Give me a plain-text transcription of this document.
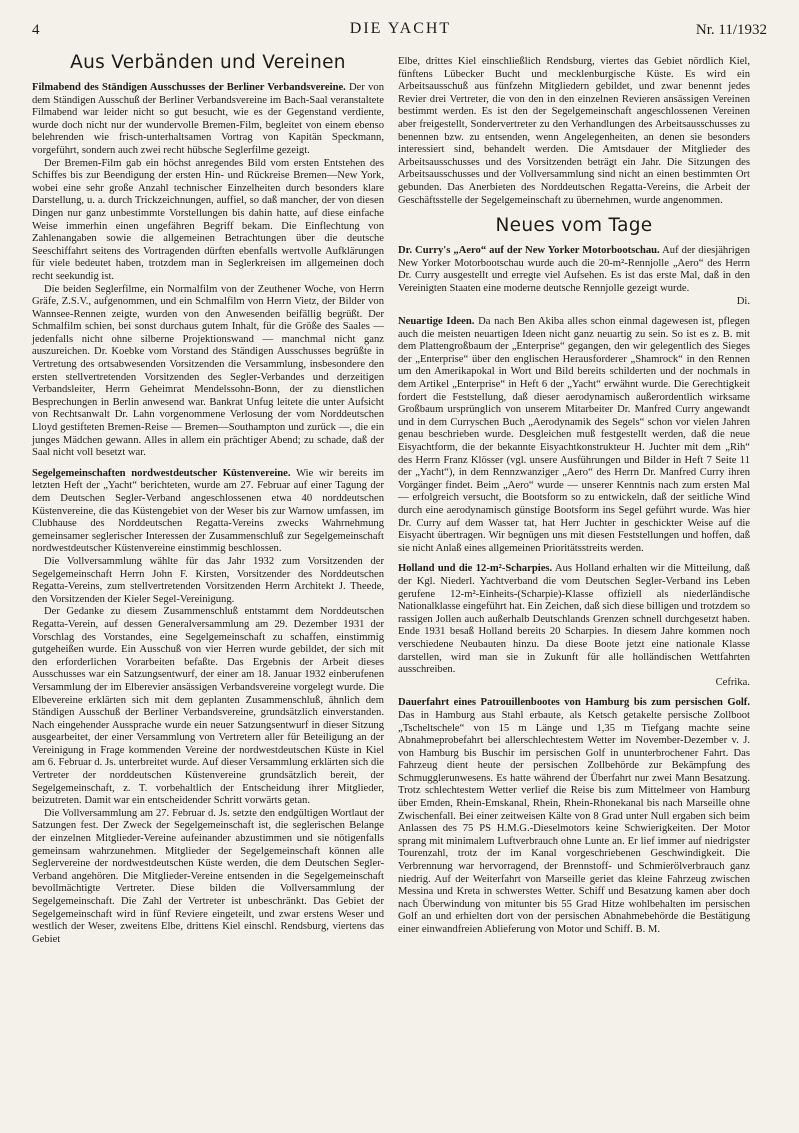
4	DIE YACHT	Nr. 11/1932
Aus Verbänden und Vereinen

Filmabend des Ständigen Ausschusses der Berliner Verbandsvereine. Der von dem Ständigen Ausschuß der Berliner Verbandsvereine im Bach-Saal veranstaltete Filmabend war leider nicht so gut besucht, wie es der Gegenstand verdiente, wurde doch nicht nur der wundervolle Bremen-Film, begleitet von einem ebenso belehrenden wie frisch-unterhaltsamen Vortrag von Kapitän Speckmann, vorgeführt, sondern auch zwei recht hübsche Seglerfilme gezeigt.

Der Bremen-Film gab ein höchst anregendes Bild vom ersten Entstehen des Schiffes bis zur Beendigung der ersten Hin- und Rückreise Bremen—New York, wobei eine sehr große Anzahl technischer Einzelheiten durch besonders klare Darstellung, u. a. durch Trickzeichnungen, auffiel, so daß mancher, der von diesen Dingen nur ganz unbestimmte Vorstellungen bis dahin hatte, auf diese einfache Weise immerhin einen ungefähren Begriff bekam. Die Einflechtung von Zahlenangaben sowie die allgemeinen Betrachtungen über die deutsche Seeschiffahrt seitens des Vortragenden dürften ebenfalls wertvolle Aufklärungen für viele bedeutet haben, trotzdem man in Seglerkreisen im allgemeinen doch recht seekundig ist.

Die beiden Seglerfilme, ein Normalfilm von der Zeuthener Woche, von Herrn Gräfe, Z.S.V., aufgenommen, und ein Schmalfilm von Herrn Vietz, der Bilder von Wannsee-Rennen zeigte, wurden von den Anwesenden beifällig begrüßt. Der Schmalfilm schien, bei sonst durchaus gutem Inhalt, für die Größe des Saales — jedenfalls nicht ohne silberne Projektionswand — manchmal nicht ganz auszureichen. Dr. Koebke vom Vorstand des Ständigen Ausschusses begrüßte in Vertretung des ortsabwesenden Vorsitzenden die Versammlung, insbesondere den ersten stellvertretenden Vorsitzenden des Segler-Verbandes und derzeitigen Verbandsleiter, Herrn Geheimrat Mendelssohn-Bonn, der zu dienstlichen Besprechungen in Berlin anwesend war. Bankrat Unfug leitete die unter Aufsicht von Rechtsanwalt Dr. Lahn vorgenommene Verlosung der vom Norddeutschen Lloyd gestifteten Bremen-Reise — Bremen—Southampton und zurück —, die ein junges Mädchen gewann. Alles in allem ein prächtiger Abend; zu schade, daß der Saal nicht voll besetzt war.

Segelgemeinschaften nordwestdeutscher Küstenvereine. Wie wir bereits im letzten Heft der „Yacht“ berichteten, wurde am 27. Februar auf einer Tagung der dem Deutschen Segler-Verband angeschlossenen etwa 40 norddeutschen Küstenvereine, die das Küstengebiet von der Weser bis zur Warnow umfassen, im Clubhause des Norddeutschen Regatta-Vereins zwecks Wahrnehmung gemeinsamer seglerischer Interessen der Zusammenschluß zur Segelgemeinschaft nordwestdeutscher Küstenvereine einstimmig beschlossen.

Die Vollversammlung wählte für das Jahr 1932 zum Vorsitzenden der Segelgemeinschaft Herrn John F. Kirsten, Vorsitzender des Norddeutschen Regatta-Vereins, zum stellvertretenden Vorsitzenden Herrn Architekt J. Theede, den Vorsitzenden der Kieler Segel-Vereinigung.

Der Gedanke zu diesem Zusammenschluß entstammt dem Norddeutschen Regatta-Verein, auf dessen Generalversammlung am 29. Dezember 1931 der Vorschlag des Vorstandes, eine Segelgemeinschaft zu schaffen, einstimmig gutgeheißen wurde. Ein Ausschuß von vier Herren wurde gebildet, der sich mit den erforderlichen Vorarbeiten befaßte. Das Ergebnis der Arbeit dieses Ausschusses war ein Satzungsentwurf, der einer am 18. Januar 1932 einberufenen Versammlung der im Elberevier ansässigen Verbandsvereine vorgelegt wurde. Die Elbevereine erklärten sich mit dem geplanten Zusammenschluß, ähnlich dem Ständigen Ausschuß der Berliner Verbandsvereine, grundsätzlich einverstanden. Nach eingehender Aussprache wurde ein neuer Satzungsentwurf in dieser Sitzung ausgearbeitet, der einer Versammlung von Vertretern aller für Beteiligung an der Vereinigung in Frage kommenden Vereine der nordwestdeutschen Küste in Kiel am 6. Februar d. Js. unterbreitet wurde. Auf dieser Versammlung erklärten sich die Vertreter der norddeutschen Küstenvereine grundsätzlich bereit, der Segelgemeinschaft, z. T. vorbehaltlich der Entscheidung ihrer Mitglieder, beizutreten. Damit war ein entscheidender Schritt vorwärts getan.

Die Vollversammlung am 27. Februar d. Js. setzte den endgültigen Wortlaut der Satzungen fest. Der Zweck der Segelgemeinschaft ist, die seglerischen Belange der einzelnen Mitglieder-Vereine aufeinander abzustimmen und sie nötigenfalls gemeinsam wahrzunehmen. Mitglieder der Segelgemeinschaft können alle Seglervereine der nordwestdeutschen Küste werden, die dem Deutschen Segler-Verband angehören. Die Mitglieder-Vereine entsenden in die Segelgemeinschaft bevollmächtigte Vertreter. Diese bilden die Vollversammlung der Segelgemeinschaft. Die Zahl der Vertreter ist unbeschränkt. Das Gebiet der Segelgemeinschaft wird in fünf Reviere eingeteilt, und zwar erstens Weser und westlich der Weser, zweitens Elbe, drittens Kiel einschl. Rendsburg, viertens das Gebiet

Elbe, drittes Kiel einschließlich Rendsburg, viertes das Gebiet nördlich Kiel, fünftens Lübecker Bucht und mecklenburgische Küste. Es wird ein Arbeitsausschuß aus fünfzehn Mitgliedern gebildet, und zwar benennt jedes Revier drei Vertreter, die von den in den einzelnen Revieren ansässigen Vereinen bestimmt werden. Es ist den der Segelgemeinschaft angeschlossenen Vereinen aber freigestellt, Sondervertreter zu den Verhandlungen des Arbeitsausschusses zu benennen bzw. zu entsenden, wenn Angelegenheiten, an denen sie besonders interessiert sind, behandelt werden. Die Amtsdauer der Mitglieder des Arbeitsausschusses und des Vorsitzenden beträgt ein Jahr. Die Sitzungen des Arbeitsausschusses und der Vollversammlung sind nicht an einen bestimmten Ort gebunden. Das Anerbieten des Norddeutschen Regatta-Vereins, die Arbeit der Geschäftsstelle der Segelgemeinschaft zu übernehmen, wurde angenommen.

Neues vom Tage

Dr. Curry's „Aero“ auf der New Yorker Motorbootschau. Auf der diesjährigen New Yorker Motorbootschau wurde auch die 20-m²-Rennjolle „Aero“ des Herrn Dr. Curry ausgestellt und erregte viel Aufsehen. Es ist das erste Mal, daß in den Vereinigten Staaten eine moderne deutsche Rennjolle gezeigt wurde.

Di.

Neuartige Ideen. Da nach Ben Akiba alles schon einmal dagewesen ist, pflegen auch die meisten neuartigen Ideen nicht ganz neuartig zu sein. So ist es z. B. mit dem Plattengroßbaum der „Enterprise“ gegangen, den wir gelegentlich des Sieges der „Enterprise“ über den englischen Herausforderer „Shamrock“ in den Rennen um den Amerikapokal in Wort und Bild bereits schilderten und der nochmals in dem Artikel „Enterprise“ in Heft 6 der „Yacht“ erwähnt wurde. Die Gerechtigkeit fordert die Feststellung, daß dieser aerodynamisch außerordentlich wirksame Großbaum ursprünglich von unserem Mitarbeiter Dr. Manfred Curry angewandt und in dem Curryschen Buch „Aerodynamik des Segels“ schon vor vielen Jahren genau beschrieben wurde. Desgleichen muß festgestellt werden, daß die neue Eisyachtform, die der bekannte Eisyachtkonstrukteur H. Juchter mit dem „Rih“ des Herrn Franz Klösser (vgl. unsere Ausführungen und Bilder in Heft 7 Seite 11 der „Yacht“), in dem Rennzwanziger „Aero“ des Herrn Dr. Manfred Curry ihren Vorgänger findet. Beim „Aero“ wurde — unserer Kenntnis nach zum ersten Mal — erfolgreich versucht, die Bootsform so zu entwickeln, daß der seitliche Wind durch eine aerodynamisch günstige Bootsform ins Segel geführt wurde. Was hier Dr. Curry auf dem Wasser tat, hat Herr Juchter in geschickter Weise auf die Eisyacht übertragen. Wir begnügen uns mit diesen Feststellungen und hoffen, daß sie nicht Anlaß eines allgemeinen Prioritätsstreits werden.

Holland und die 12-m²-Scharpies. Aus Holland erhalten wir die Mitteilung, daß der Kgl. Niederl. Yachtverband die vom Deutschen Segler-Verband ins Leben gerufene 12-m²-Einheits-(Scharpie)-Klasse offiziell als niederländische Nationalklasse eingeführt hat. Ein Zeichen, daß sich diese billigen und trotzdem so rassigen Jollen auch außerhalb Deutschlands Grenzen schnell durchgesetzt haben. Ende 1931 besaß Holland bereits 20 Scharpies. In diesem Jahre kommen noch verschiedene Neubauten hinzu. Da diese Boote jetzt eine nationale Klasse darstellen, wird man sie in Zukunft für alle holländischen Wettfahrten ausschreiben.

Cefrika.

Dauerfahrt eines Patrouillenbootes von Hamburg bis zum persischen Golf. Das in Hamburg aus Stahl erbaute, als Ketsch getakelte persische Zollboot „Tscheltschele“ von 15 m Länge und 1,35 m Tiefgang machte seine Abnahmeprobefahrt bei allerschlechtestem Wetter im November-Dezember v. J. von Hamburg bis Buschir im persischen Golf in ununterbrochener Fahrt. Das Fahrzeug dient heute der persischen Zollbehörde zur Bekämpfung des Schmugglerunwesens. Es hatte während der Überfahrt nur zwei Mann Besatzung. Trotz schlechtestem Wetter verlief die Reise bis zum Mittelmeer von Hamburg über Emden, Rhein-Emskanal, Rhein, Rhein-Rhonekanal bis nach Marseille ohne Zwischenfall. Bei einer zeitweisen Kälte von 8 Grad unter Null ergaben sich beim Anlassen des 75 PS H.M.G.-Dieselmotors keine Schwierigkeiten. Der Motor sprang mit minimalem Luftverbrauch ohne Lunte an. Er lief immer auf niedrigster Tourenzahl, trotz der im Kanal vorgeschriebenen Geschwindigkeit. Die Verbrennung war hervorragend, der Brennstoff- und Schmierölverbrauch ganz niedrig. Auf der Weiterfahrt von Marseille geriet das kleine Fahrzeug zwischen Messina und Kreta in schwerstes Wetter. Schiff und Besatzung kamen aber doch nach Überwindung von mitunter bis 55 Grad Hitze wohlbehalten im persischen Golf an und erhielten dort von der persischen Abnahmebehörde die Bestätigung einer einwandfreien Ablieferung von Motor und Schiff. B. M.
